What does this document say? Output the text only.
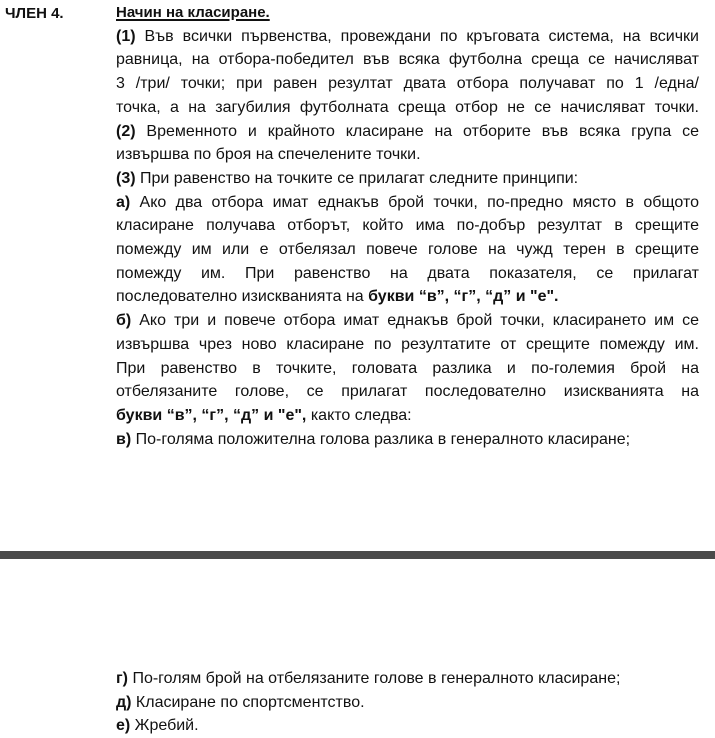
ЧЛЕН 4.	Начин на класиране.

(1) Във всички първенства, провеждани по кръговата система, на всички

равница, на отбора-победител във всяка футболна среща се начисляват

3 /три/ точки; при равен резултат двата отбора получават по 1 /една/

точка, а на загубилия футболната среща отбор не се начисляват точки.

(2) Временното и крайното класиране на отборите във всяка група се

извършва по броя на спечелените точки.

(3) При равенство на точките се прилагат следните принципи:

а) Ако два отбора имат еднакъв брой точки, по-предно място в общото

класиране получава отборът, който има по-добър резултат в срещите

помежду им или е отбелязал повече голове на чужд терен в срещите

помежду им. При равенство на двата показателя, се прилагат

последователно изискванията на букви “в”, “г”, “д” и "е".

б) Ако три и повече отбора имат еднакъв брой точки, класирането им се

извършва чрез ново класиране по резултатите от срещите помежду им.

При равенство в точките, головата разлика и по-големия брой на

отбелязаните голове, се прилагат последователно изискванията на

букви “в”, “г”, “д” и "е", както следва:

в) По-голяма положителна голова разлика в генералното класиране;

г) По-голям брой на отбелязаните голове в генералното класиране;

д) Класиране по спортсментство.

е) Жребий.
